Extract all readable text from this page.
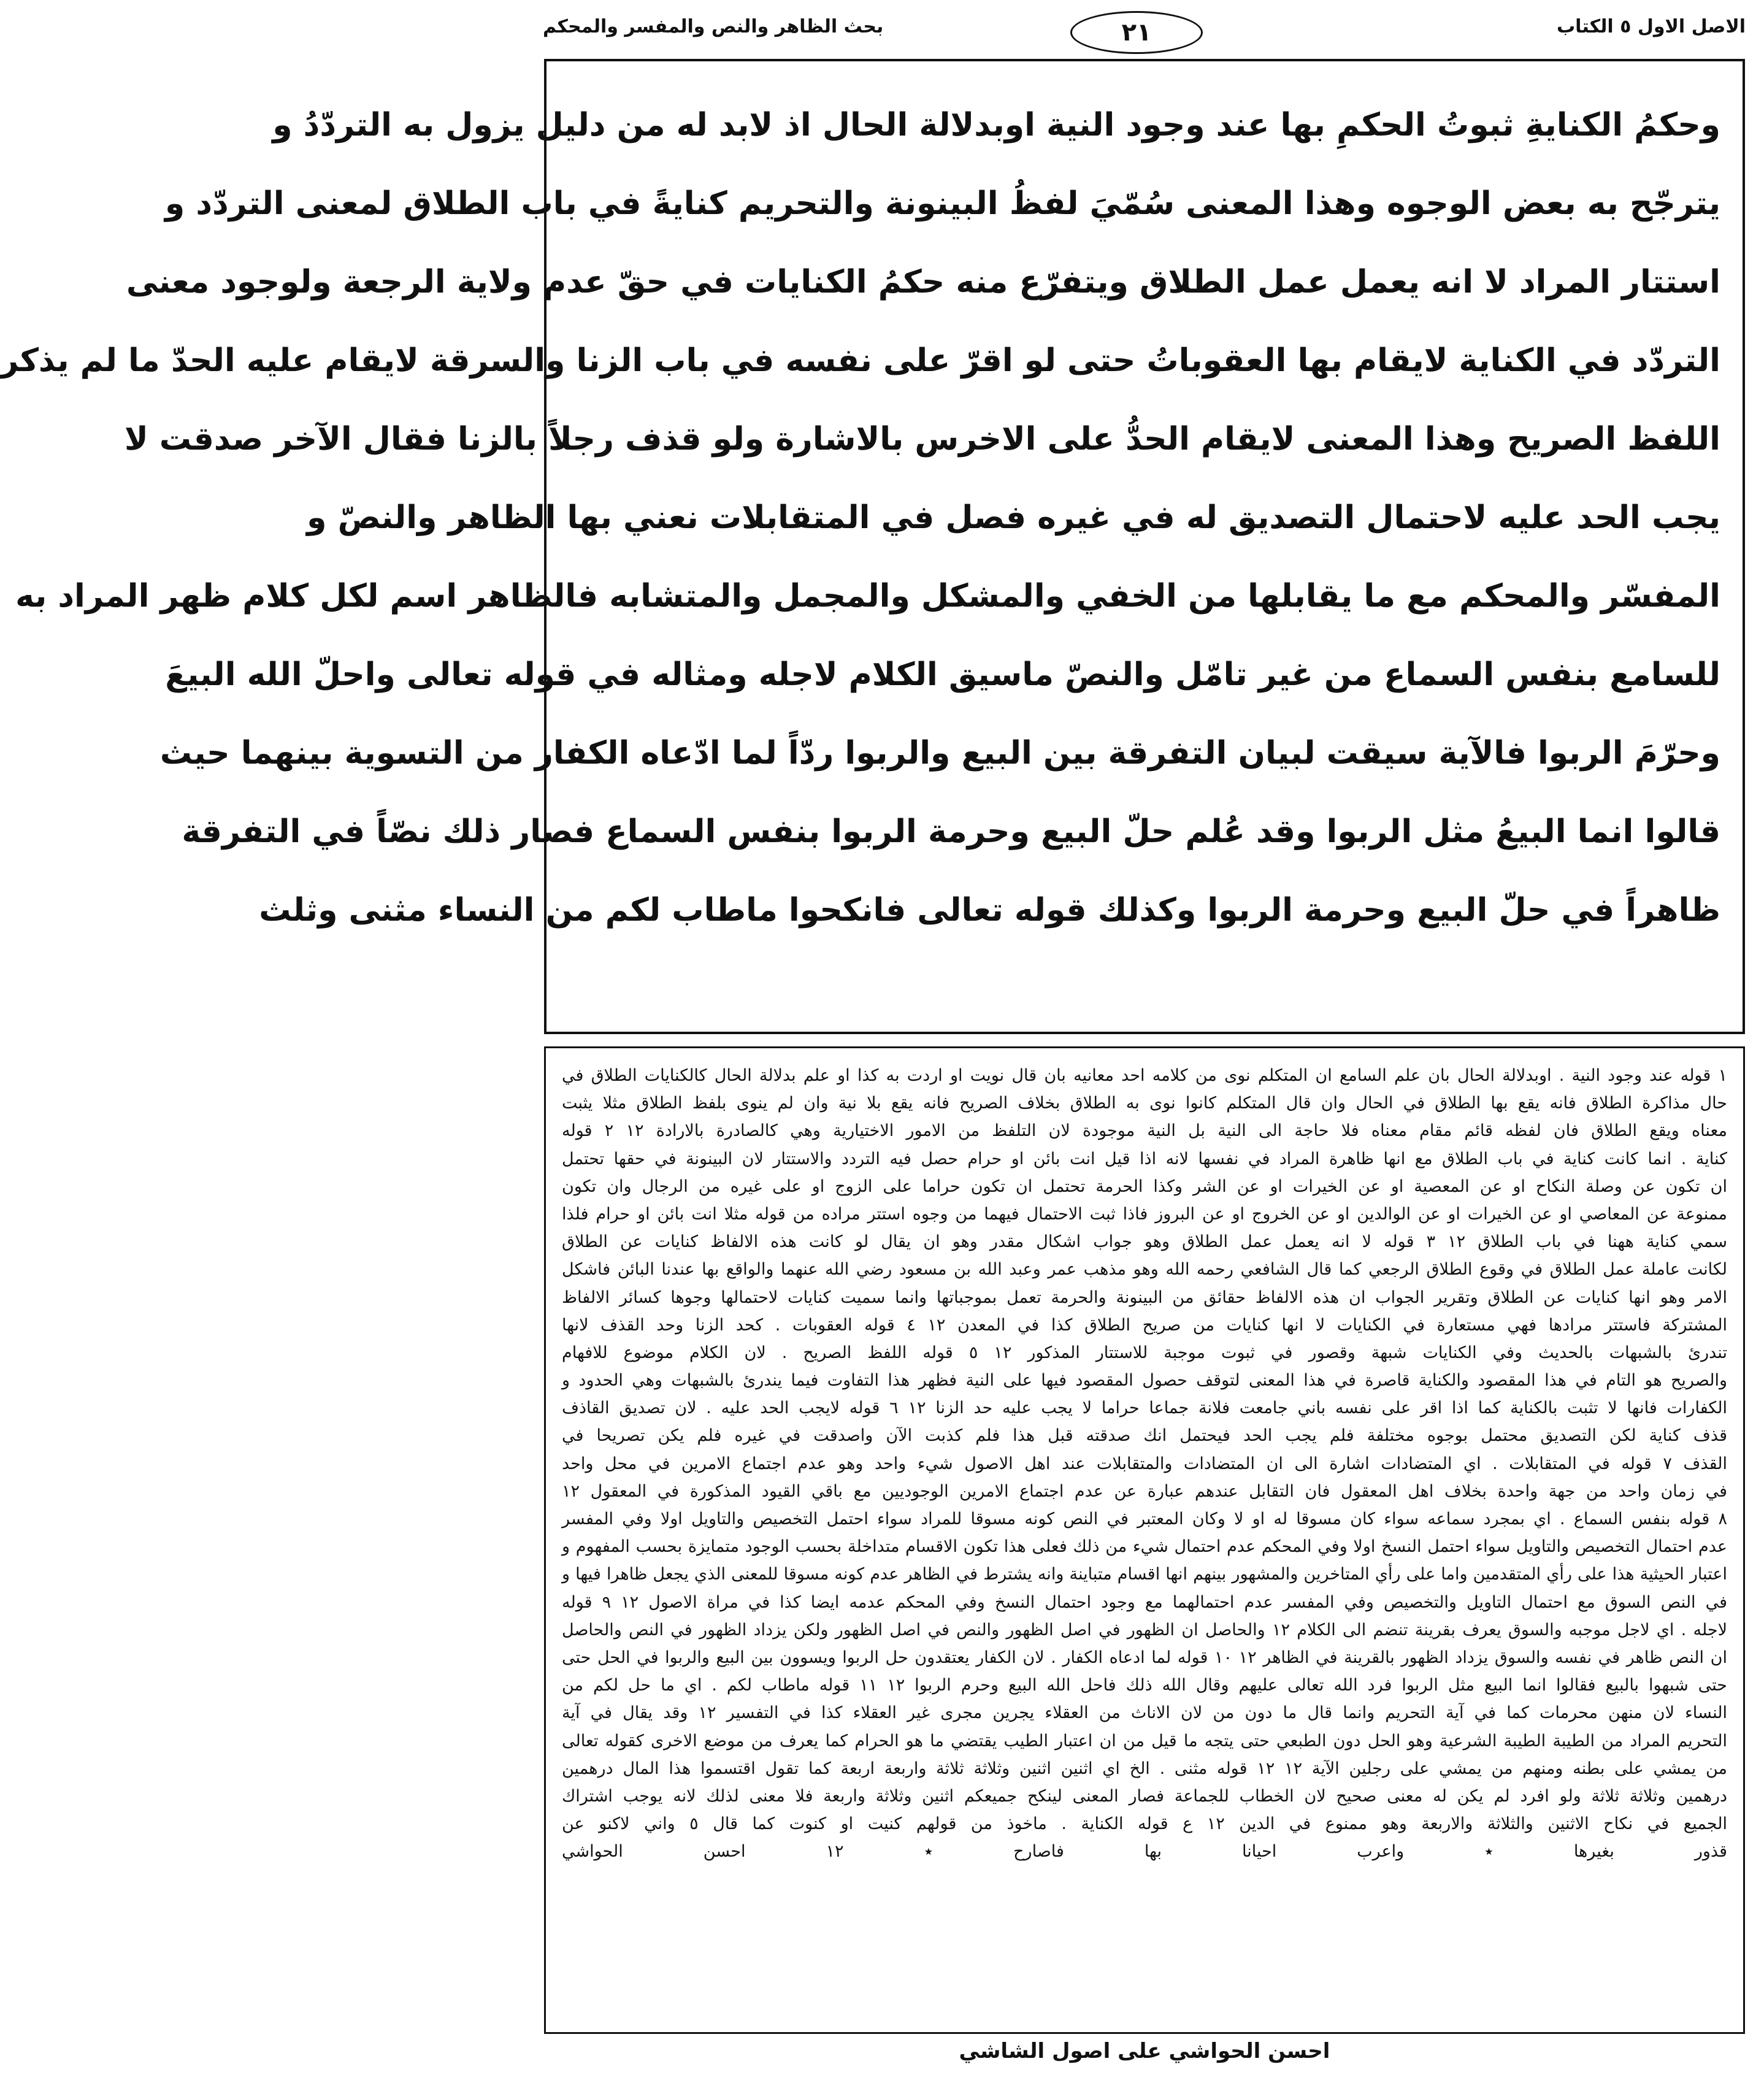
الاصل الاول ٥ الكتاب
٢١
بحث الظاهر والنص والمفسر والمحكم
وحكمُ الكنايةِ ثبوتُ الحكمِ بها عند وجود النية اوبدلالة الحال اذ لابد له من دليل يزول به التردّدُ و
يترجّح به بعض الوجوه وهذا المعنى سُمّيَ لفظُ البينونة والتحريم كنايةً في باب الطلاق لمعنى التردّد و
استتار المراد لا انه يعمل عمل الطلاق ويتفرّع منه حكمُ الكنايات في حقّ عدم ولاية الرجعة ولوجود معنى
التردّد في الكناية لايقام بها العقوباتُ حتى لو اقرّ على نفسه في باب الزنا والسرقة لايقام عليه الحدّ ما لم يذكر
اللفظ الصريح وهذا المعنى لايقام الحدُّ على الاخرس بالاشارة ولو قذف رجلاً بالزنا فقال الآخر صدقت لا
يجب الحد عليه لاحتمال التصديق له في غيره فصل في المتقابلات نعني بها الظاهر والنصّ و
المفسّر والمحكم مع ما يقابلها من الخفي والمشكل والمجمل والمتشابه فالظاهر اسم لكل كلام ظهر المراد به
للسامع بنفس السماع من غير تامّل والنصّ ماسيق الكلام لاجله ومثاله في قوله تعالى واحلّ الله البيعَ
وحرّمَ الربوا فالآية سيقت لبيان التفرقة بين البيع والربوا ردّاً لما ادّعاه الكفار من التسوية بينهما حيث
قالوا انما البيعُ مثل الربوا وقد عُلم حلّ البيع وحرمة الربوا بنفس السماع فصار ذلك نصّاً في التفرقة
ظاهراً في حلّ البيع وحرمة الربوا وكذلك قوله تعالى فانكحوا ماطاب لكم من النساء مثنى وثلث
١ قوله عند وجود النية . اوبدلالة الحال بان علم السامع ان المتكلم نوى من كلامه احد معانيه بان قال نويت او اردت به كذا او علم بدلالة الحال كالكنايات الطلاق في
حال مذاكرة الطلاق فانه يقع بها الطلاق في الحال وان قال المتكلم كانوا نوى به الطلاق بخلاف الصريح فانه يقع بلا نية وان لم ينوى بلفظ الطلاق مثلا يثبت
معناه ويقع الطلاق فان لفظه قائم مقام معناه فلا حاجة الى النية بل النية موجودة لان التلفظ من الامور الاختيارية وهي كالصادرة بالارادة ١٢ ٢ قوله
كناية . انما كانت كناية في باب الطلاق مع انها ظاهرة المراد في نفسها لانه اذا قيل انت بائن او حرام حصل فيه التردد والاستتار لان البينونة في حقها تحتمل
ان تكون عن وصلة النكاح او عن المعصية او عن الخيرات او عن الشر وكذا الحرمة تحتمل ان تكون حراما على الزوج او على غيره من الرجال وان تكون
ممنوعة عن المعاصي او عن الخيرات او عن الوالدين او عن الخروج او عن البروز فاذا ثبت الاحتمال فيهما من وجوه استتر مراده من قوله مثلا انت بائن او حرام فلذا
سمي كناية ههنا في باب الطلاق ١٢ ٣ قوله لا انه يعمل عمل الطلاق وهو جواب اشكال مقدر وهو ان يقال لو كانت هذه الالفاظ كنايات عن الطلاق
لكانت عاملة عمل الطلاق في وقوع الطلاق الرجعي كما قال الشافعي رحمه الله وهو مذهب عمر وعبد الله بن مسعود رضي الله عنهما والواقع بها عندنا البائن فاشكل
الامر وهو انها كنايات عن الطلاق وتقرير الجواب ان هذه الالفاظ حقائق من البينونة والحرمة تعمل بموجباتها وانما سميت كنايات لاحتمالها وجوها كسائر الالفاظ
المشتركة فاستتر مرادها فهي مستعارة في الكنايات لا انها كنايات من صريح الطلاق كذا في المعدن ١٢ ٤ قوله العقوبات . كحد الزنا وحد القذف لانها
تندرئ بالشبهات بالحديث وفي الكنايات شبهة وقصور في ثبوت موجبة للاستتار المذكور ١٢ ٥ قوله اللفظ الصريح . لان الكلام موضوع للافهام
والصريح هو التام في هذا المقصود والكناية قاصرة في هذا المعنى لتوقف حصول المقصود فيها على النية فظهر هذا التفاوت فيما يندرئ بالشبهات وهي الحدود و
الكفارات فانها لا تثبت بالكناية كما اذا اقر على نفسه باني جامعت فلانة جماعا حراما لا يجب عليه حد الزنا ١٢ ٦ قوله لايجب الحد عليه . لان تصديق القاذف
قذف كناية لكن التصديق محتمل بوجوه مختلفة فلم يجب الحد فيحتمل انك صدقته قبل هذا فلم كذبت الآن واصدقت في غيره فلم يكن تصريحا في
القذف ٧ قوله في المتقابلات . اي المتضادات اشارة الى ان المتضادات والمتقابلات عند اهل الاصول شيء واحد وهو عدم اجتماع الامرين في محل واحد
في زمان واحد من جهة واحدة بخلاف اهل المعقول فان التقابل عندهم عبارة عن عدم اجتماع الامرين الوجوديين مع باقي القيود المذكورة في المعقول ١٢
٨ قوله بنفس السماع . اي بمجرد سماعه سواء كان مسوقا له او لا وكان المعتبر في النص كونه مسوقا للمراد سواء احتمل التخصيص والتاويل اولا وفي المفسر
عدم احتمال التخصيص والتاويل سواء احتمل النسخ اولا وفي المحكم عدم احتمال شيء من ذلك فعلى هذا تكون الاقسام متداخلة بحسب الوجود متمايزة بحسب المفهوم و
اعتبار الحيثية هذا على رأي المتقدمين واما على رأي المتاخرين والمشهور بينهم انها اقسام متباينة وانه يشترط في الظاهر عدم كونه مسوقا للمعنى الذي يجعل ظاهرا فيها و
في النص السوق مع احتمال التاويل والتخصيص وفي المفسر عدم احتمالهما مع وجود احتمال النسخ وفي المحكم عدمه ايضا كذا في مراة الاصول ١٢ ٩ قوله
لاجله . اي لاجل موجبه والسوق يعرف بقرينة تنضم الى الكلام ١٢ والحاصل ان الظهور في اصل الظهور والنص في اصل الظهور ولكن يزداد الظهور في النص والحاصل
ان النص ظاهر في نفسه والسوق يزداد الظهور بالقرينة في الظاهر ١٢ ١٠ قوله لما ادعاه الكفار . لان الكفار يعتقدون حل الربوا ويسوون بين البيع والربوا في الحل حتى
حتى شبهوا بالبيع فقالوا انما البيع مثل الربوا فرد الله تعالى عليهم وقال الله ذلك فاحل الله البيع وحرم الربوا ١٢ ١١ قوله ماطاب لكم . اي ما حل لكم من
النساء لان منهن محرمات كما في آية التحريم وانما قال ما دون من لان الاناث من العقلاء يجرين مجرى غير العقلاء كذا في التفسير ١٢ وقد يقال في آية
التحريم المراد من الطيبة الطيبة الشرعية وهو الحل دون الطبعي حتى يتجه ما قيل من ان اعتبار الطيب يقتضي ما هو الحرام كما يعرف من موضع الاخرى كقوله تعالى
من يمشي على بطنه ومنهم من يمشي على رجلين الآية ١٢ ١٢ قوله مثنى . الخ اي اثنين اثنين وثلاثة ثلاثة واربعة اربعة كما تقول اقتسموا هذا المال درهمين
درهمين وثلاثة ثلاثة ولو افرد لم يكن له معنى صحيح لان الخطاب للجماعة فصار المعنى لينكح جميعكم اثنين وثلاثة واربعة فلا معنى لذلك لانه يوجب اشتراك
الجميع في نكاح الاثنين والثلاثة والاربعة وهو ممنوع في الدين ١٢ ع قوله الكناية . ماخوذ من قولهم كنيت او كنوت كما قال ٥ واني لاكنو عن
قذور بغيرها ٭ واعرب احيانا بها فاصارح ٭ ١٢ احسن الحواشي
احسن الحواشي على اصول الشاشي
